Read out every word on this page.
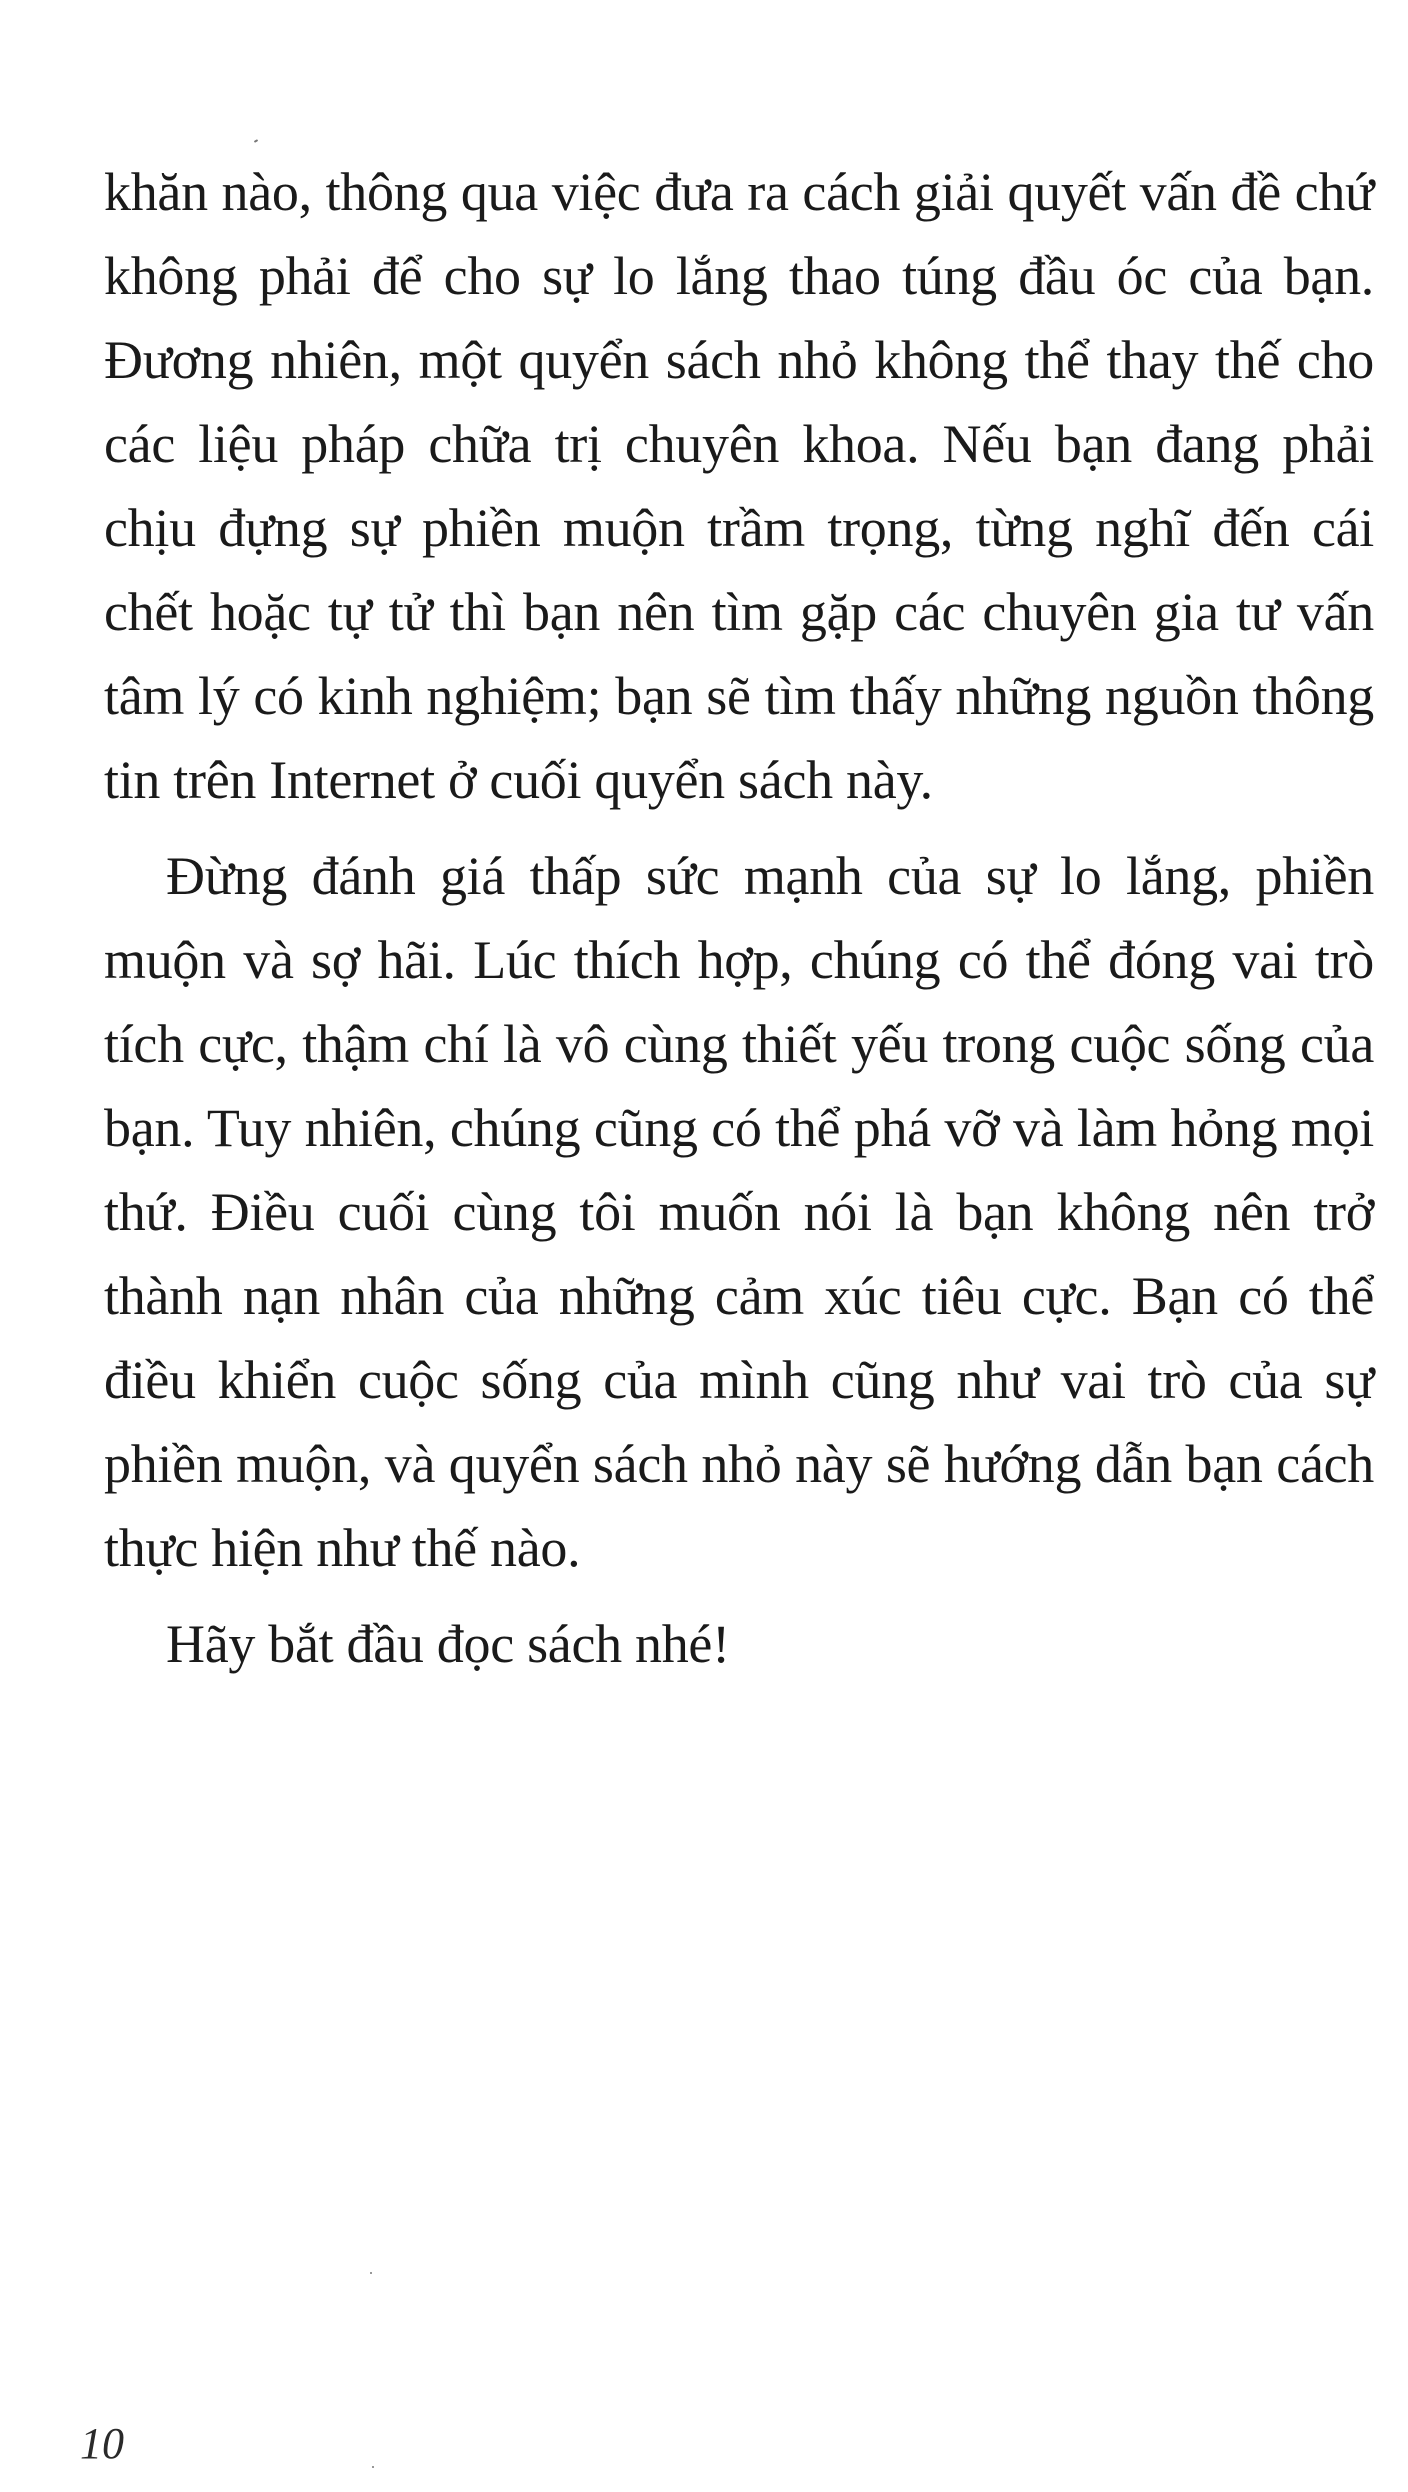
khăn nào, thông qua việc đưa ra cách giải quyết vấn đề chứ không phải để cho sự lo lắng thao túng đầu óc của bạn. Đương nhiên, một quyển sách nhỏ không thể thay thế cho các liệu pháp chữa trị chuyên khoa. Nếu bạn đang phải chịu đựng sự phiền muộn trầm trọng, từng nghĩ đến cái chết hoặc tự tử thì bạn nên tìm gặp các chuyên gia tư vấn tâm lý có kinh nghiệm; bạn sẽ tìm thấy những nguồn thông tin trên Internet ở cuối quyển sách này.

Đừng đánh giá thấp sức mạnh của sự lo lắng, phiền muộn và sợ hãi. Lúc thích hợp, chúng có thể đóng vai trò tích cực, thậm chí là vô cùng thiết yếu trong cuộc sống của bạn. Tuy nhiên, chúng cũng có thể phá vỡ và làm hỏng mọi thứ. Điều cuối cùng tôi muốn nói là bạn không nên trở thành nạn nhân của những cảm xúc tiêu cực. Bạn có thể điều khiển cuộc sống của mình cũng như vai trò của sự phiền muộn, và quyển sách nhỏ này sẽ hướng dẫn bạn cách thực hiện như thế nào.

Hãy bắt đầu đọc sách nhé!

10
